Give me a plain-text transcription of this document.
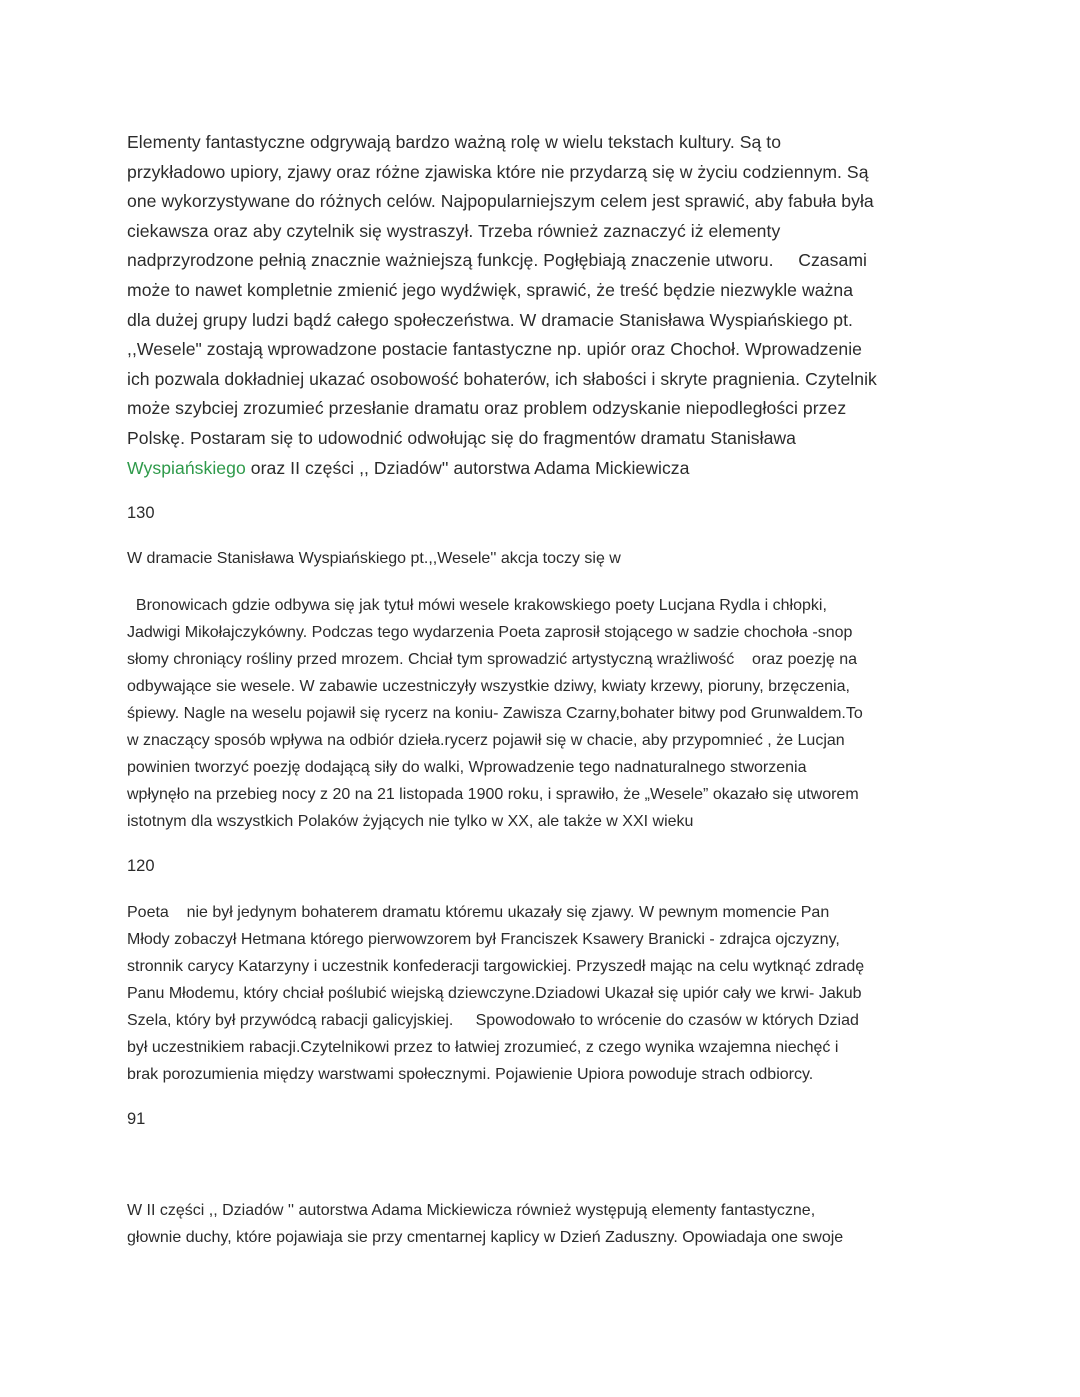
Elementy fantastyczne odgrywają bardzo ważną rolę w wielu tekstach kultury. Są to
przykładowo upiory, zjawy oraz różne zjawiska które nie przydarzą się w życiu codziennym. Są
one wykorzystywane do różnych celów. Najpopularniejszym celem jest sprawić, aby fabuła była
ciekawsza oraz aby czytelnik się wystraszył. Trzeba również zaznaczyć iż elementy
nadprzyrodzone pełnią znacznie ważniejszą funkcję. Pogłębiają znaczenie utworu.     Czasami
może to nawet kompletnie zmienić jego wydźwięk, sprawić, że treść będzie niezwykle ważna
dla dużej grupy ludzi bądź całego społeczeństwa. W dramacie Stanisława Wyspiańskiego pt.
,,Wesele" zostają wprowadzone postacie fantastyczne np. upiór oraz Chochoł. Wprowadzenie
ich pozwala dokładniej ukazać osobowość bohaterów, ich słabości i skryte pragnienia. Czytelnik
może szybciej zrozumieć przesłanie dramatu oraz problem odzyskanie niepodległości przez
Polskę. Postaram się to udowodnić odwołując się do fragmentów dramatu Stanisława
Wyspiańskiego oraz II części ,, Dziadów'' autorstwa Adama Mickiewicza
130
W dramacie Stanisława Wyspiańskiego pt.,,Wesele'' akcja toczy się w
Bronowicach gdzie odbywa się jak tytuł mówi wesele krakowskiego poety Lucjana Rydla i chłopki,
Jadwigi Mikołajczykówny. Podczas tego wydarzenia Poeta zaprosił stojącego w sadzie chochoła -snop
słomy chroniący rośliny przed mrozem. Chciał tym sprowadzić artystyczną wrażliwość    oraz poezję na
odbywające sie wesele. W zabawie uczestniczyły wszystkie dziwy, kwiaty krzewy, pioruny, brzęczenia,
śpiewy. Nagle na weselu pojawił się rycerz na koniu- Zawisza Czarny,bohater bitwy pod Grunwaldem.To
w znaczący sposób wpływa na odbiór dzieła.rycerz pojawił się w chacie, aby przypomnieć , że Lucjan
powinien tworzyć poezję dodającą siły do walki, Wprowadzenie tego nadnaturalnego stworzenia
wpłynęło na przebieg nocy z 20 na 21 listopada 1900 roku, i sprawiło, że „Wesele” okazało się utworem
istotnym dla wszystkich Polaków żyjących nie tylko w XX, ale także w XXI wieku
120
Poeta    nie był jedynym bohaterem dramatu któremu ukazały się zjawy. W pewnym momencie Pan
Młody zobaczył Hetmana którego pierwowzorem był Franciszek Ksawery Branicki - zdrajca ojczyzny,
stronnik carycy Katarzyny i uczestnik konfederacji targowickiej. Przyszedł mając na celu wytknąć zdradę
Panu Młodemu, który chciał poślubić wiejską dziewczyne.Dziadowi Ukazał się upiór cały we krwi- Jakub
Szela, który był przywódcą rabacji galicyjskiej.     Spowodowało to wrócenie do czasów w których Dziad
był uczestnikiem rabacji.Czytelnikowi przez to łatwiej zrozumieć, z czego wynika wzajemna niechęć i
brak porozumienia między warstwami społecznymi. Pojawienie Upiora powoduje strach odbiorcy.
91
W II części ,, Dziadów '' autorstwa Adama Mickiewicza również występują elementy fantastyczne,
głownie duchy, które pojawiaja sie przy cmentarnej kaplicy w Dzień Zaduszny. Opowiadaja one swoje
